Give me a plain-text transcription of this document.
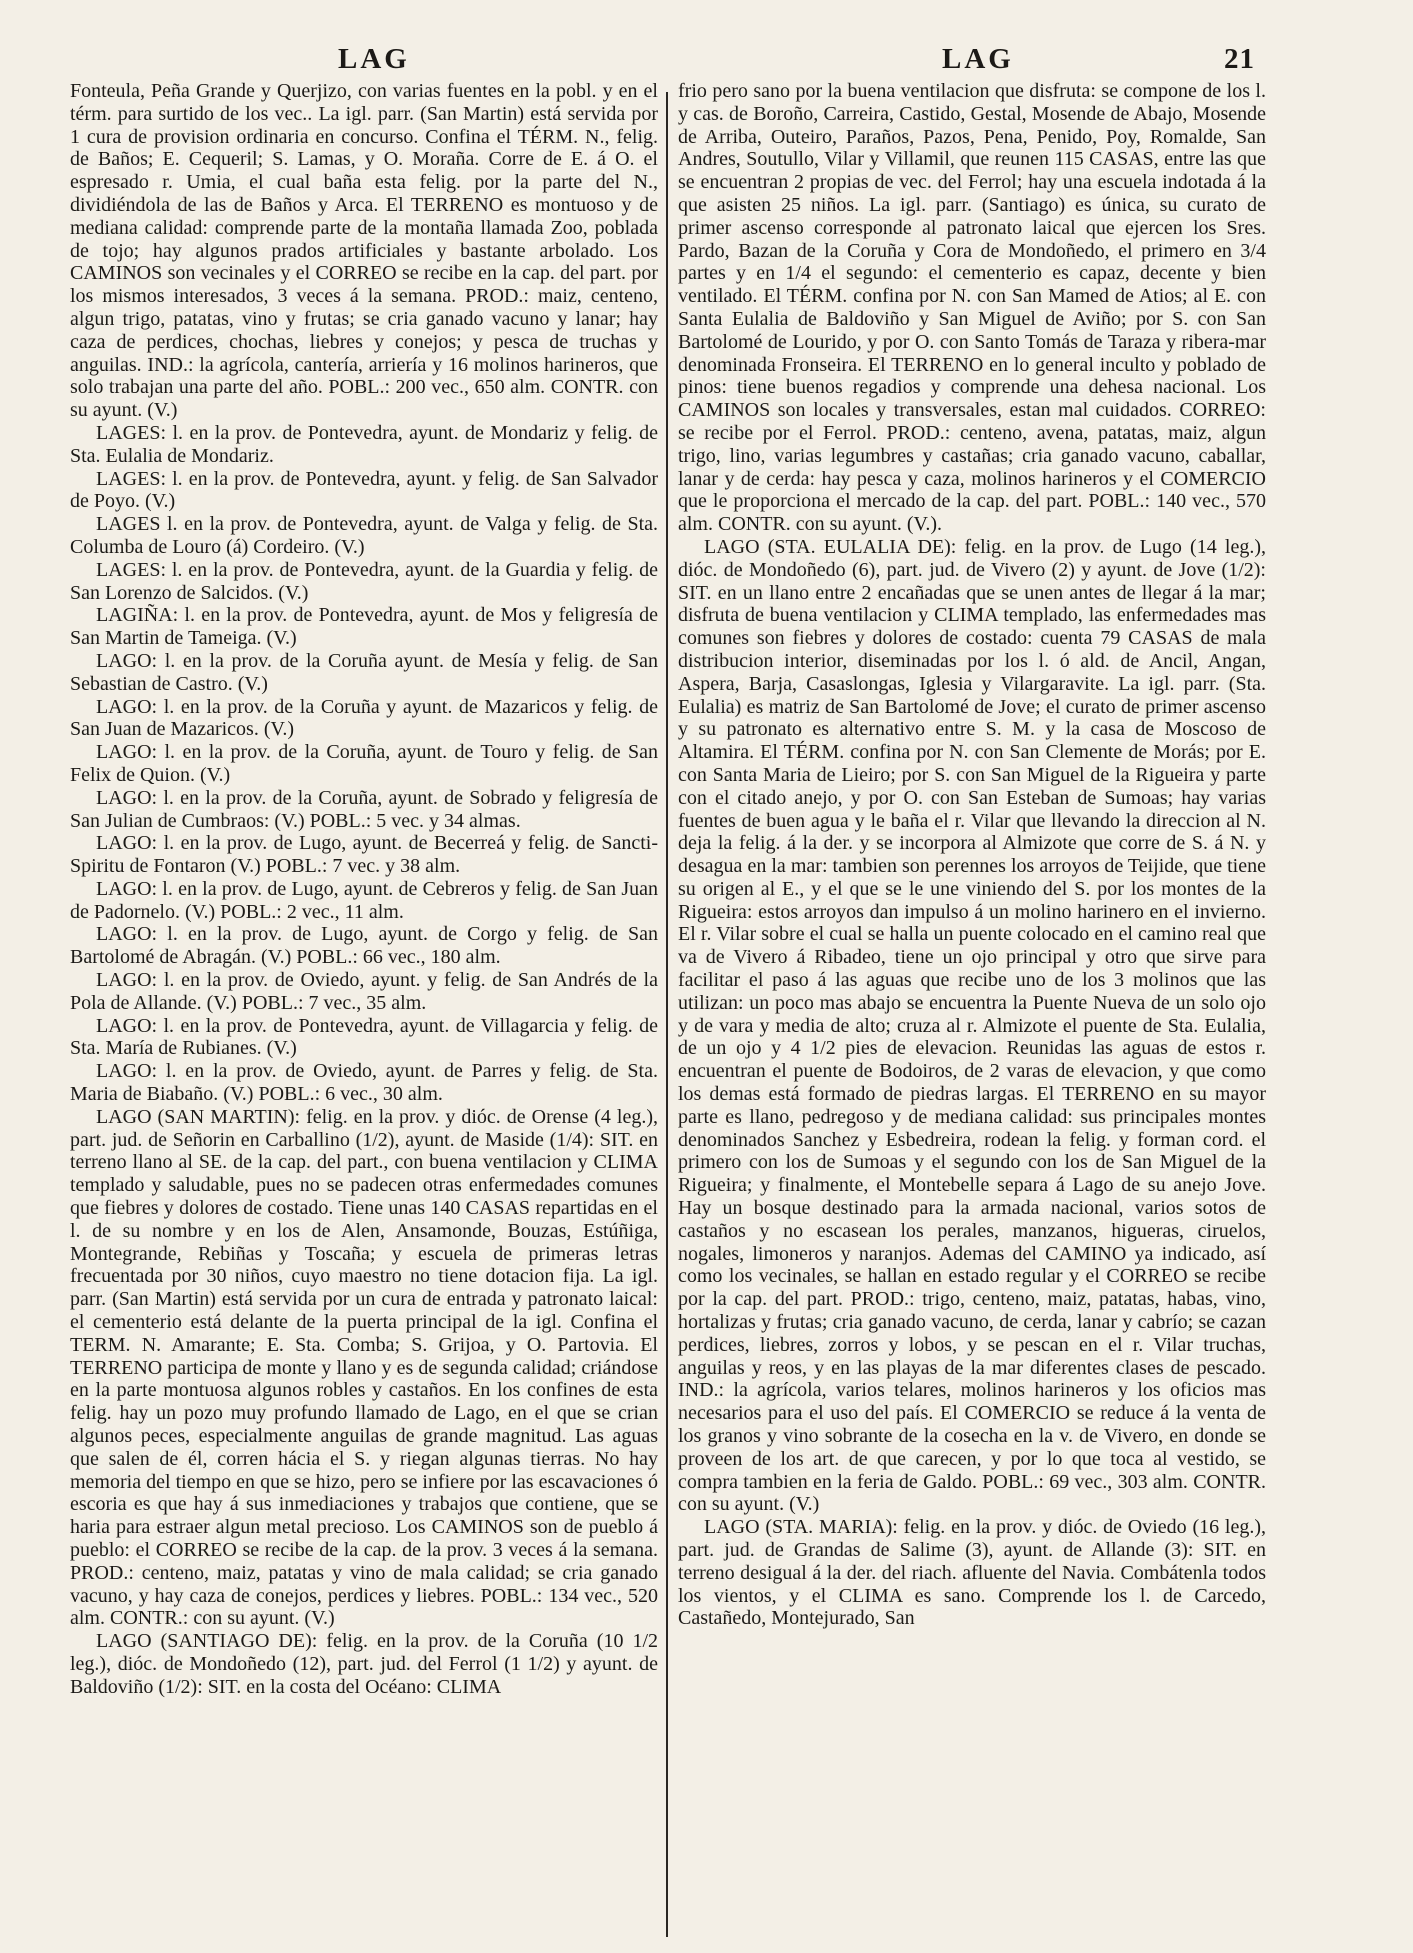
LAG	LAG	21

Fonteula, Peña Grande y Querjizo, con varias fuentes en la pobl. y en el térm. para surtido de los vec.. La igl. parr. (San Martin) está servida por 1 cura de provision ordinaria en concurso. Confina el TÉRM. N., felig. de Baños; E. Cequeril; S. Lamas, y O. Moraña. Corre de E. á O. el espresado r. Umia, el cual baña esta felig. por la parte del N., dividiéndola de las de Baños y Arca. El TERRENO es montuoso y de mediana calidad: comprende parte de la montaña llamada Zoo, poblada de tojo; hay algunos prados artificiales y bastante arbolado. Los CAMINOS son vecinales y el CORREO se recibe en la cap. del part. por los mismos interesados, 3 veces á la semana. PROD.: maiz, centeno, algun trigo, patatas, vino y frutas; se cria ganado vacuno y lanar; hay caza de perdices, chochas, liebres y conejos; y pesca de truchas y anguilas. IND.: la agrícola, cantería, arriería y 16 molinos harineros, que solo trabajan una parte del año. POBL.: 200 vec., 650 alm. CONTR. con su ayunt. (V.)

LAGES: l. en la prov. de Pontevedra, ayunt. de Mondariz y felig. de Sta. Eulalia de Mondariz.

LAGES: l. en la prov. de Pontevedra, ayunt. y felig. de San Salvador de Poyo. (V.)

LAGES l. en la prov. de Pontevedra, ayunt. de Valga y felig. de Sta. Columba de Louro (á) Cordeiro. (V.)

LAGES: l. en la prov. de Pontevedra, ayunt. de la Guardia y felig. de San Lorenzo de Salcidos. (V.)

LAGIÑA: l. en la prov. de Pontevedra, ayunt. de Mos y feligresía de San Martin de Tameiga. (V.)

LAGO: l. en la prov. de la Coruña ayunt. de Mesía y felig. de San Sebastian de Castro. (V.)

LAGO: l. en la prov. de la Coruña y ayunt. de Mazaricos y felig. de San Juan de Mazaricos. (V.)

LAGO: l. en la prov. de la Coruña, ayunt. de Touro y felig. de San Felix de Quion. (V.)

LAGO: l. en la prov. de la Coruña, ayunt. de Sobrado y feligresía de San Julian de Cumbraos: (V.) POBL.: 5 vec. y 34 almas.

LAGO: l. en la prov. de Lugo, ayunt. de Becerreá y felig. de Sancti-Spiritu de Fontaron (V.) POBL.: 7 vec. y 38 alm.

LAGO: l. en la prov. de Lugo, ayunt. de Cebreros y felig. de San Juan de Padornelo. (V.) POBL.: 2 vec., 11 alm.

LAGO: l. en la prov. de Lugo, ayunt. de Corgo y felig. de San Bartolomé de Abragán. (V.) POBL.: 66 vec., 180 alm.

LAGO: l. en la prov. de Oviedo, ayunt. y felig. de San Andrés de la Pola de Allande. (V.) POBL.: 7 vec., 35 alm.

LAGO: l. en la prov. de Pontevedra, ayunt. de Villagarcia y felig. de Sta. María de Rubianes. (V.)

LAGO: l. en la prov. de Oviedo, ayunt. de Parres y felig. de Sta. Maria de Biabaño. (V.) POBL.: 6 vec., 30 alm.

LAGO (SAN MARTIN): felig. en la prov. y dióc. de Orense (4 leg.), part. jud. de Señorin en Carballino (1/2), ayunt. de Maside (1/4): SIT. en terreno llano al SE. de la cap. del part., con buena ventilacion y CLIMA templado y saludable, pues no se padecen otras enfermedades comunes que fiebres y dolores de costado. Tiene unas 140 CASAS repartidas en el l. de su nombre y en los de Alen, Ansamonde, Bouzas, Estúñiga, Montegrande, Rebiñas y Toscaña; y escuela de primeras letras frecuentada por 30 niños, cuyo maestro no tiene dotacion fija. La igl. parr. (San Martin) está servida por un cura de entrada y patronato laical: el cementerio está delante de la puerta principal de la igl. Confina el TERM. N. Amarante; E. Sta. Comba; S. Grijoa, y O. Partovia. El TERRENO participa de monte y llano y es de segunda calidad; criándose en la parte montuosa algunos robles y castaños. En los confines de esta felig. hay un pozo muy profundo llamado de Lago, en el que se crian algunos peces, especialmente anguilas de grande magnitud. Las aguas que salen de él, corren hácia el S. y riegan algunas tierras. No hay memoria del tiempo en que se hizo, pero se infiere por las escavaciones ó escoria es que hay á sus inmediaciones y trabajos que contiene, que se haria para estraer algun metal precioso. Los CAMINOS son de pueblo á pueblo: el CORREO se recibe de la cap. de la prov. 3 veces á la semana. PROD.: centeno, maiz, patatas y vino de mala calidad; se cria ganado vacuno, y hay caza de conejos, perdices y liebres. POBL.: 134 vec., 520 alm. CONTR.: con su ayunt. (V.)

LAGO (SANTIAGO DE): felig. en la prov. de la Coruña (10 1/2 leg.), dióc. de Mondoñedo (12), part. jud. del Ferrol (1 1/2) y ayunt. de Baldoviño (1/2): SIT. en la costa del Océano: CLIMA

frio pero sano por la buena ventilacion que disfruta: se compone de los l. y cas. de Boroño, Carreira, Castido, Gestal, Mosende de Abajo, Mosende de Arriba, Outeiro, Paraños, Pazos, Pena, Penido, Poy, Romalde, San Andres, Soutullo, Vilar y Villamil, que reunen 115 CASAS, entre las que se encuentran 2 propias de vec. del Ferrol; hay una escuela indotada á la que asisten 25 niños. La igl. parr. (Santiago) es única, su curato de primer ascenso corresponde al patronato laical que ejercen los Sres. Pardo, Bazan de la Coruña y Cora de Mondoñedo, el primero en 3/4 partes y en 1/4 el segundo: el cementerio es capaz, decente y bien ventilado. El TÉRM. confina por N. con San Mamed de Atios; al E. con Santa Eulalia de Baldoviño y San Miguel de Aviño; por S. con San Bartolomé de Lourido, y por O. con Santo Tomás de Taraza y ribera-mar denominada Fronseira. El TERRENO en lo general inculto y poblado de pinos: tiene buenos regadios y comprende una dehesa nacional. Los CAMINOS son locales y transversales, estan mal cuidados. CORREO: se recibe por el Ferrol. PROD.: centeno, avena, patatas, maiz, algun trigo, lino, varias legumbres y castañas; cria ganado vacuno, caballar, lanar y de cerda: hay pesca y caza, molinos harineros y el COMERCIO que le proporciona el mercado de la cap. del part. POBL.: 140 vec., 570 alm. CONTR. con su ayunt. (V.).

LAGO (STA. EULALIA DE): felig. en la prov. de Lugo (14 leg.), dióc. de Mondoñedo (6), part. jud. de Vivero (2) y ayunt. de Jove (1/2): SIT. en un llano entre 2 encañadas que se unen antes de llegar á la mar; disfruta de buena ventilacion y CLIMA templado, las enfermedades mas comunes son fiebres y dolores de costado: cuenta 79 CASAS de mala distribucion interior, diseminadas por los l. ó ald. de Ancil, Angan, Aspera, Barja, Casaslongas, Iglesia y Vilargaravite. La igl. parr. (Sta. Eulalia) es matriz de San Bartolomé de Jove; el curato de primer ascenso y su patronato es alternativo entre S. M. y la casa de Moscoso de Altamira. El TÉRM. confina por N. con San Clemente de Morás; por E. con Santa Maria de Lieiro; por S. con San Miguel de la Rigueira y parte con el citado anejo, y por O. con San Esteban de Sumoas; hay varias fuentes de buen agua y le baña el r. Vilar que llevando la direccion al N. deja la felig. á la der. y se incorpora al Almizote que corre de S. á N. y desagua en la mar: tambien son perennes los arroyos de Teijide, que tiene su origen al E., y el que se le une viniendo del S. por los montes de la Rigueira: estos arroyos dan impulso á un molino harinero en el invierno. El r. Vilar sobre el cual se halla un puente colocado en el camino real que va de Vivero á Ribadeo, tiene un ojo principal y otro que sirve para facilitar el paso á las aguas que recibe uno de los 3 molinos que las utilizan: un poco mas abajo se encuentra la Puente Nueva de un solo ojo y de vara y media de alto; cruza al r. Almizote el puente de Sta. Eulalia, de un ojo y 4 1/2 pies de elevacion. Reunidas las aguas de estos r. encuentran el puente de Bodoiros, de 2 varas de elevacion, y que como los demas está formado de piedras largas. El TERRENO en su mayor parte es llano, pedregoso y de mediana calidad: sus principales montes denominados Sanchez y Esbedreira, rodean la felig. y forman cord. el primero con los de Sumoas y el segundo con los de San Miguel de la Rigueira; y finalmente, el Montebelle separa á Lago de su anejo Jove. Hay un bosque destinado para la armada nacional, varios sotos de castaños y no escasean los perales, manzanos, higueras, ciruelos, nogales, limoneros y naranjos. Ademas del CAMINO ya indicado, así como los vecinales, se hallan en estado regular y el CORREO se recibe por la cap. del part. PROD.: trigo, centeno, maiz, patatas, habas, vino, hortalizas y frutas; cria ganado vacuno, de cerda, lanar y cabrío; se cazan perdices, liebres, zorros y lobos, y se pescan en el r. Vilar truchas, anguilas y reos, y en las playas de la mar diferentes clases de pescado. IND.: la agrícola, varios telares, molinos harineros y los oficios mas necesarios para el uso del país. El COMERCIO se reduce á la venta de los granos y vino sobrante de la cosecha en la v. de Vivero, en donde se proveen de los art. de que carecen, y por lo que toca al vestido, se compra tambien en la feria de Galdo. POBL.: 69 vec., 303 alm. CONTR. con su ayunt. (V.)

LAGO (STA. MARIA): felig. en la prov. y dióc. de Oviedo (16 leg.), part. jud. de Grandas de Salime (3), ayunt. de Allande (3): SIT. en terreno desigual á la der. del riach. afluente del Navia. Combátenla todos los vientos, y el CLIMA es sano. Comprende los l. de Carcedo, Castañedo, Montejurado, San
